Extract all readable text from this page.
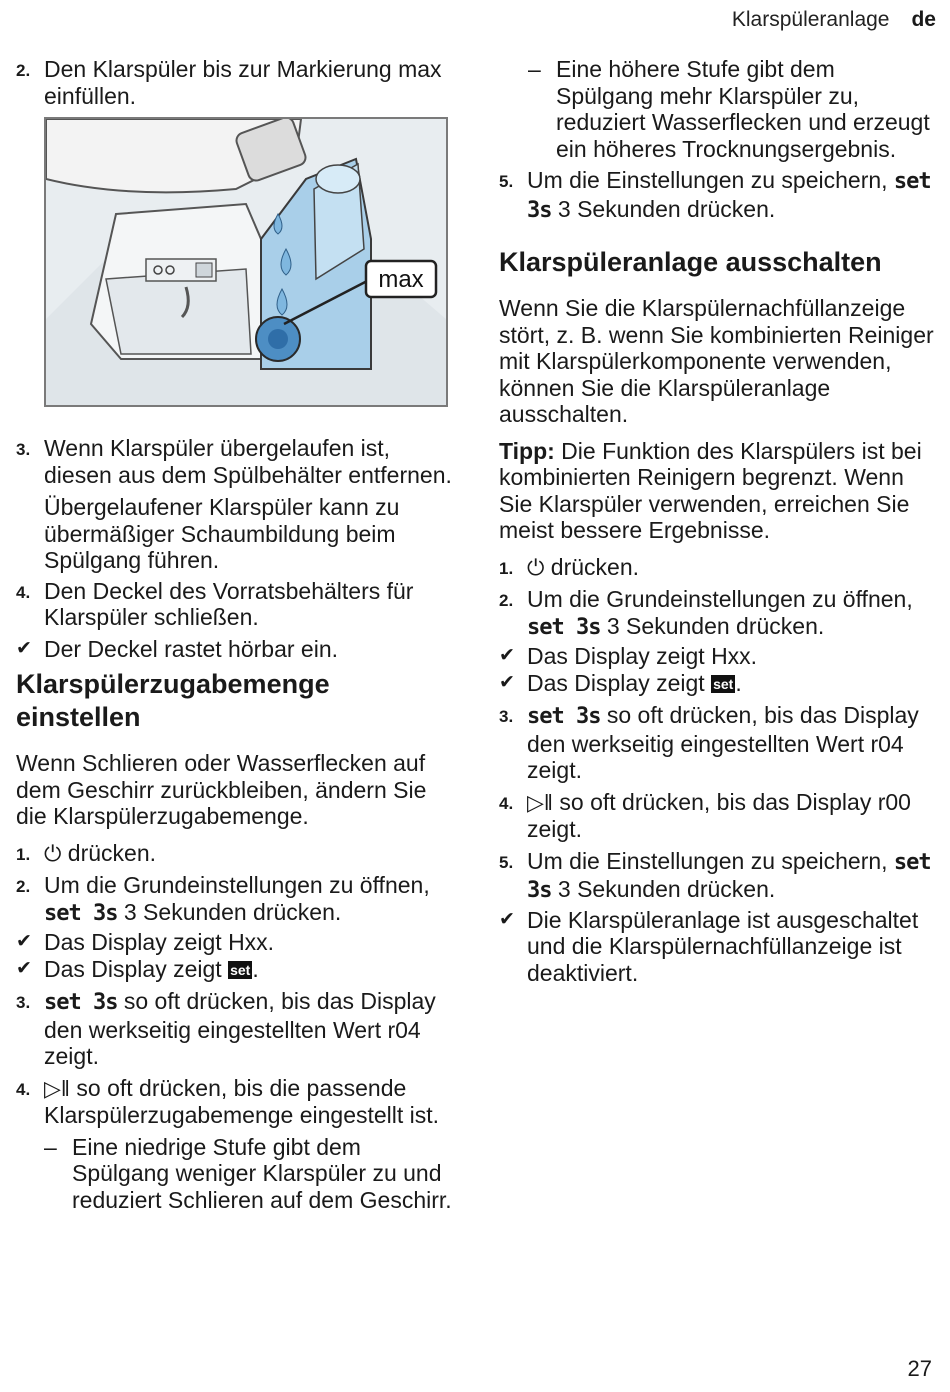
Klarspüleranlage de
2. Den Klarspüler bis zur Markierung max einfüllen.
max
3. Wenn Klarspüler übergelaufen ist, diesen aus dem Spülbehälter entfernen.
Übergelaufener Klarspüler kann zu übermäßiger Schaumbildung beim Spülgang führen.
4. Den Deckel des Vorratsbehälters für Klarspüler schließen.
✔ Der Deckel rastet hörbar ein.
Klarspülerzugabemenge einstellen
Wenn Schlieren oder Wasserflecken auf dem Geschirr zurückbleiben, ändern Sie die Klarspülerzugabemenge.
1. ⏻ drücken.
2. Um die Grundeinstellungen zu öffnen, set 3s 3 Sekunden drücken.
✔ Das Display zeigt Hxx.
✔ Das Display zeigt set.
3. set 3s so oft drücken, bis das Display den werkseitig eingestellten Wert r04 zeigt.
4. ▷‖ so oft drücken, bis die passende Klarspülerzugabemenge eingestellt ist.
– Eine niedrige Stufe gibt dem Spülgang weniger Klarspüler zu und reduziert Schlieren auf dem Geschirr.
– Eine höhere Stufe gibt dem Spülgang mehr Klarspüler zu, reduziert Wasserflecken und erzeugt ein höheres Trocknungsergebnis.
5. Um die Einstellungen zu speichern, set 3s 3 Sekunden drücken.
Klarspüleranlage ausschalten
Wenn Sie die Klarspülernachfüllanzeige stört, z. B. wenn Sie kombinierten Reiniger mit Klarspülerkomponente verwenden, können Sie die Klarspüleranlage ausschalten.
Tipp: Die Funktion des Klarspülers ist bei kombinierten Reinigern begrenzt. Wenn Sie Klarspüler verwenden, erreichen Sie meist bessere Ergebnisse.
1. ⏻ drücken.
2. Um die Grundeinstellungen zu öffnen, set 3s 3 Sekunden drücken.
✔ Das Display zeigt Hxx.
✔ Das Display zeigt set.
3. set 3s so oft drücken, bis das Display den werkseitig eingestellten Wert r04 zeigt.
4. ▷‖ so oft drücken, bis das Display r00 zeigt.
5. Um die Einstellungen zu speichern, set 3s 3 Sekunden drücken.
✔ Die Klarspüleranlage ist ausgeschaltet und die Klarspülernachfüllanzeige ist deaktiviert.
27
